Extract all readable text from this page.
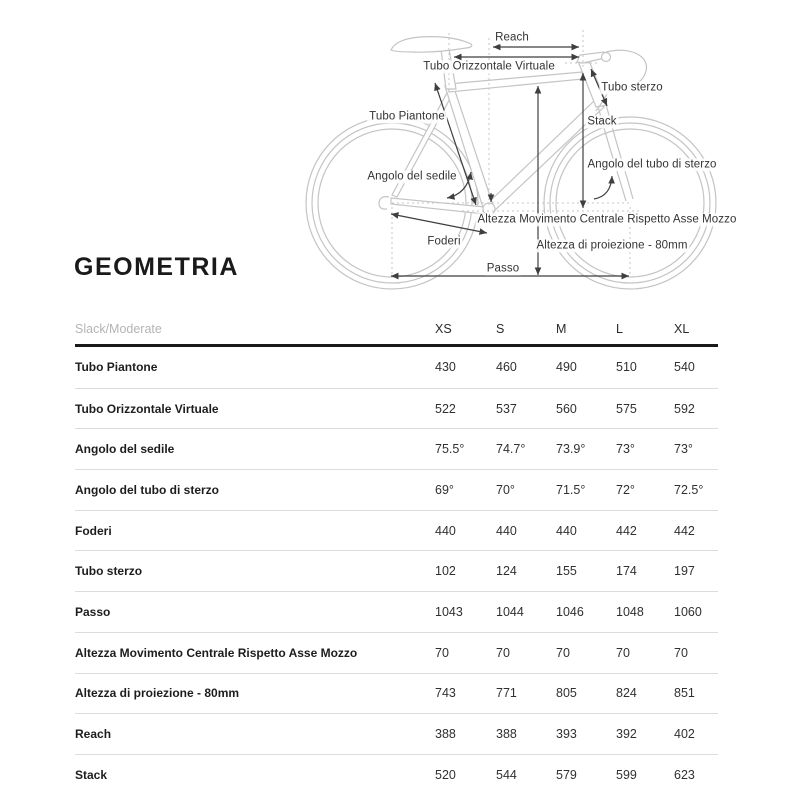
Reach
Tubo Orizzontale Virtuale
Tubo sterzo
Stack
Tubo Piantone
Angolo del sedile
Angolo del tubo di sterzo
Altezza Movimento Centrale Rispetto Asse Mozzo
Altezza di proiezione - 80mm
Foderi
Passo
GEOMETRIA
Slack/Moderate	XS	S	M	L	XL
Tubo Piantone	430	460	490	510	540
Tubo Orizzontale Virtuale	522	537	560	575	592
Angolo del sedile	75.5°	74.7°	73.9°	73°	73°
Angolo del tubo di sterzo	69°	70°	71.5°	72°	72.5°
Foderi	440	440	440	442	442
Tubo sterzo	102	124	155	174	197
Passo	1043	1044	1046	1048	1060
Altezza Movimento Centrale Rispetto Asse Mozzo	70	70	70	70	70
Altezza di proiezione - 80mm	743	771	805	824	851
Reach	388	388	393	392	402
Stack	520	544	579	599	623
